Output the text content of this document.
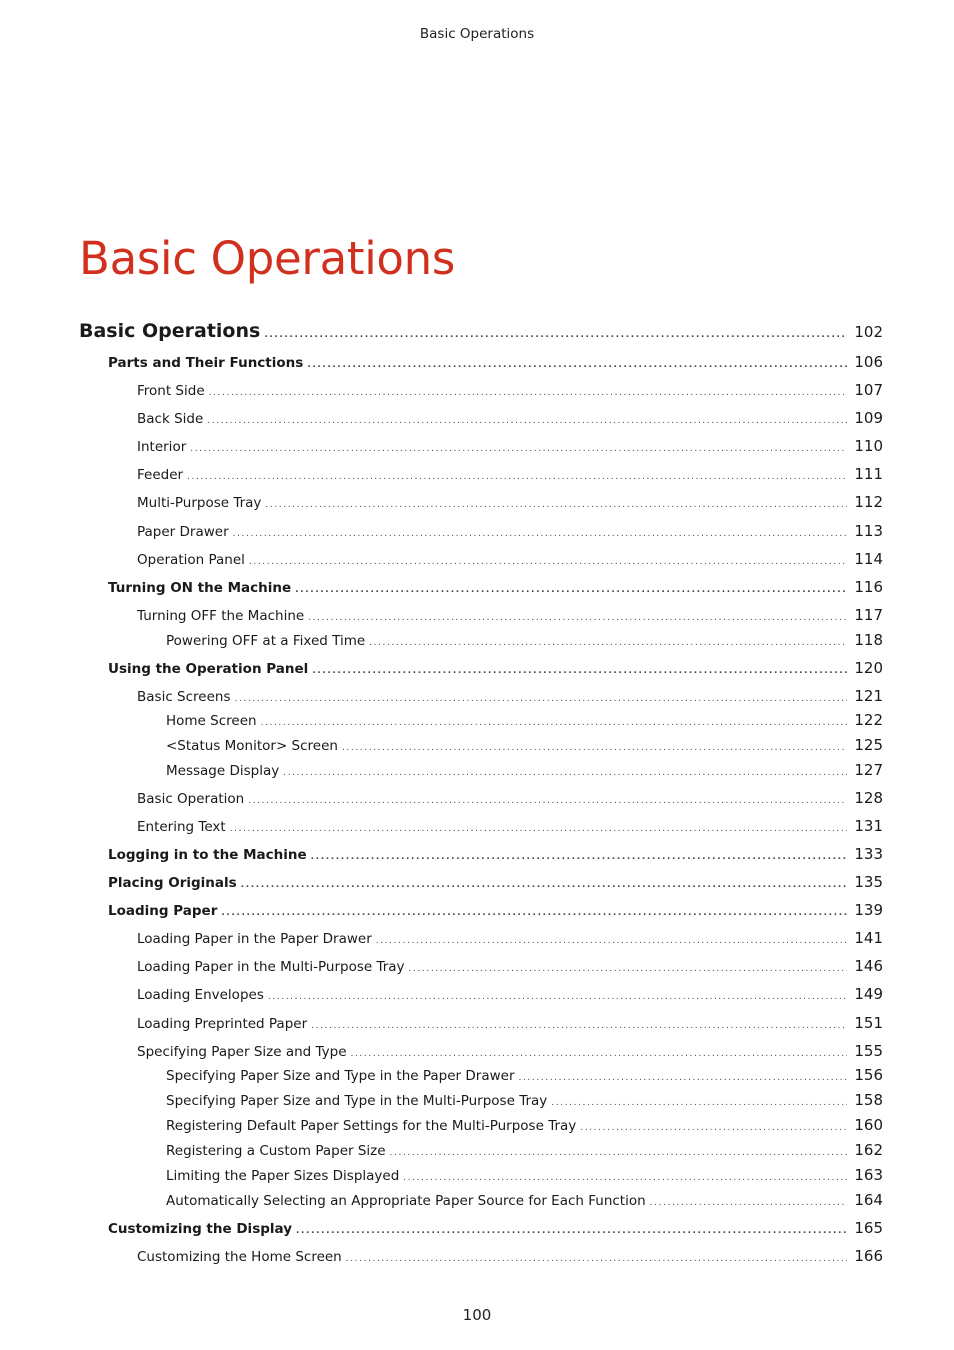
Basic Operations
Basic Operations
Basic Operations .....	102
Parts and Their Functions .....	106
Front Side .....	107
Back Side .....	109
Interior .....	110
Feeder .....	111
Multi-Purpose Tray .....	112
Paper Drawer .....	113
Operation Panel .....	114
Turning ON the Machine .....	116
Turning OFF the Machine .....	117
Powering OFF at a Fixed Time .....	118
Using the Operation Panel .....	120
Basic Screens .....	121
Home Screen .....	122
<Status Monitor> Screen .....	125
Message Display .....	127
Basic Operation .....	128
Entering Text .....	131
Logging in to the Machine .....	133
Placing Originals .....	135
Loading Paper .....	139
Loading Paper in the Paper Drawer .....	141
Loading Paper in the Multi-Purpose Tray .....	146
Loading Envelopes .....	149
Loading Preprinted Paper .....	151
Specifying Paper Size and Type .....	155
Specifying Paper Size and Type in the Paper Drawer .....	156
Specifying Paper Size and Type in the Multi-Purpose Tray .....	158
Registering Default Paper Settings for the Multi-Purpose Tray .....	160
Registering a Custom Paper Size .....	162
Limiting the Paper Sizes Displayed .....	163
Automatically Selecting an Appropriate Paper Source for Each Function .....	164
Customizing the Display .....	165
Customizing the Home Screen .....	166
100
